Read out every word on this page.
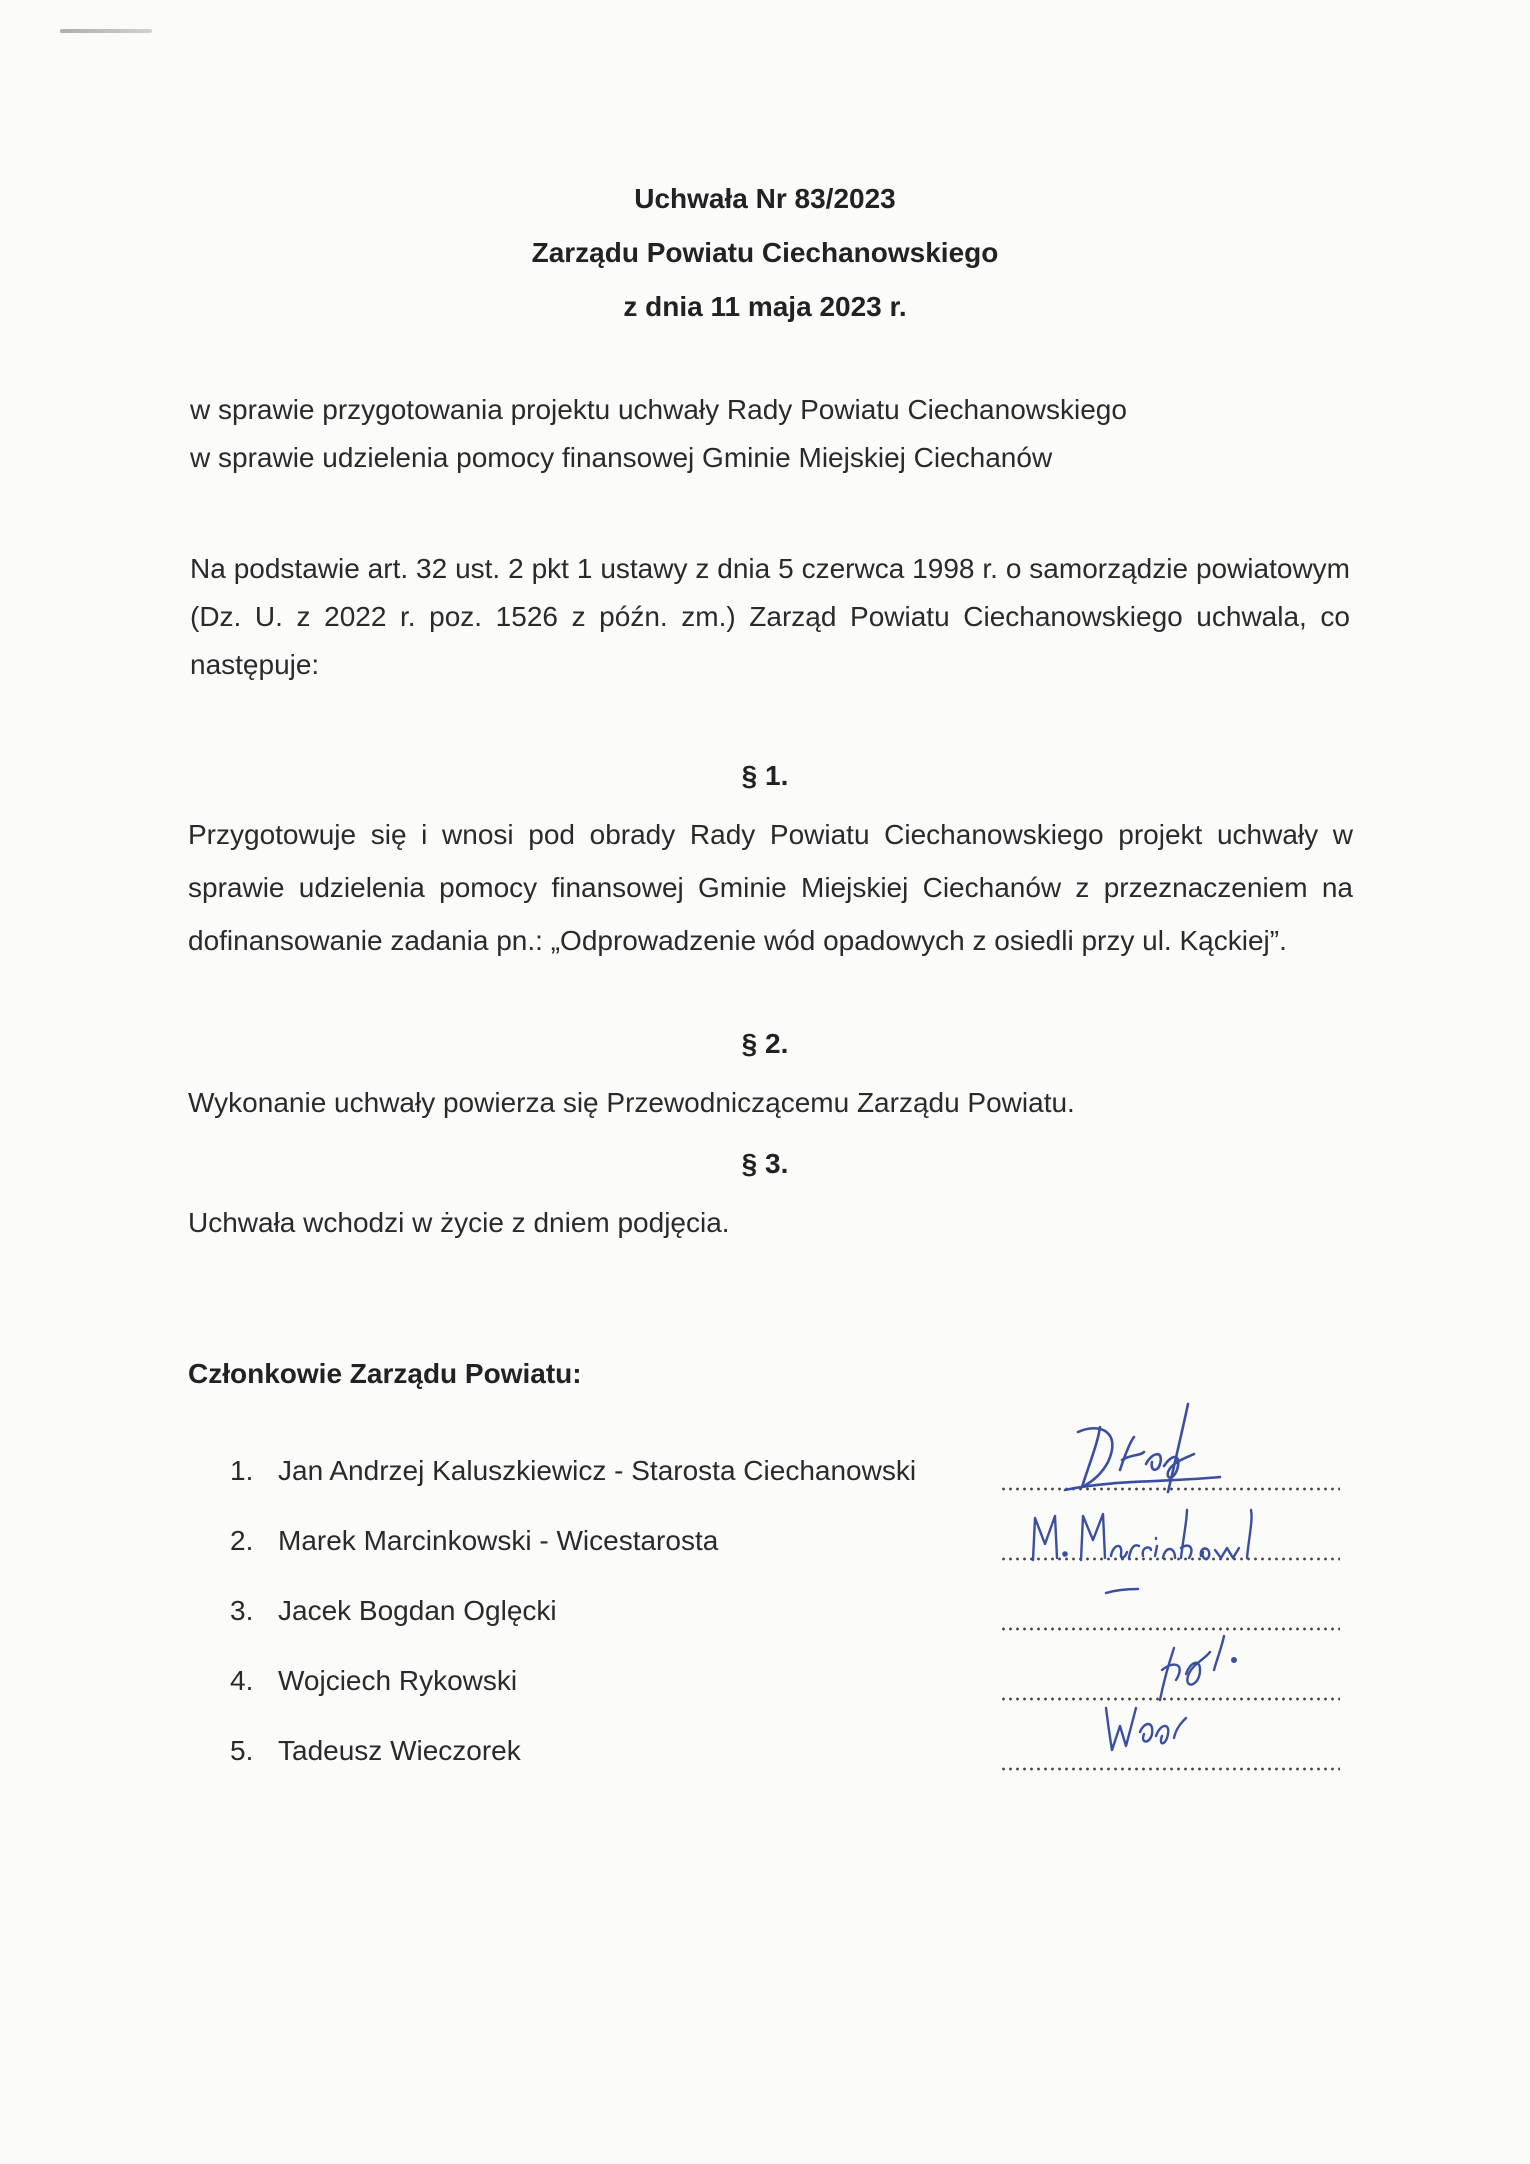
Uchwała Nr 83/2023
Zarządu Powiatu Ciechanowskiego
z dnia 11 maja 2023 r.
w sprawie przygotowania projektu uchwały Rady Powiatu Ciechanowskiego
w sprawie udzielenia pomocy finansowej Gminie Miejskiej Ciechanów
Na podstawie art. 32 ust. 2 pkt 1 ustawy z dnia 5 czerwca 1998 r. o samorządzie powiatowym (Dz. U. z 2022 r. poz. 1526 z późn. zm.) Zarząd Powiatu Ciechanowskiego uchwala, co następuje:
§ 1.
Przygotowuje się i wnosi pod obrady Rady Powiatu Ciechanowskiego projekt uchwały w sprawie udzielenia pomocy finansowej Gminie Miejskiej Ciechanów z przeznaczeniem na dofinansowanie zadania pn.: „Odprowadzenie wód opadowych z osiedli przy ul. Kąckiej”.
§ 2.
Wykonanie uchwały powierza się Przewodniczącemu Zarządu Powiatu.
§ 3.
Uchwała wchodzi w życie z dniem podjęcia.
Członkowie Zarządu Powiatu:
1. Jan Andrzej Kaluszkiewicz - Starosta Ciechanowski
2. Marek Marcinkowski - Wicestarosta
3. Jacek Bogdan Oglęcki
4. Wojciech Rykowski
5. Tadeusz Wieczorek
